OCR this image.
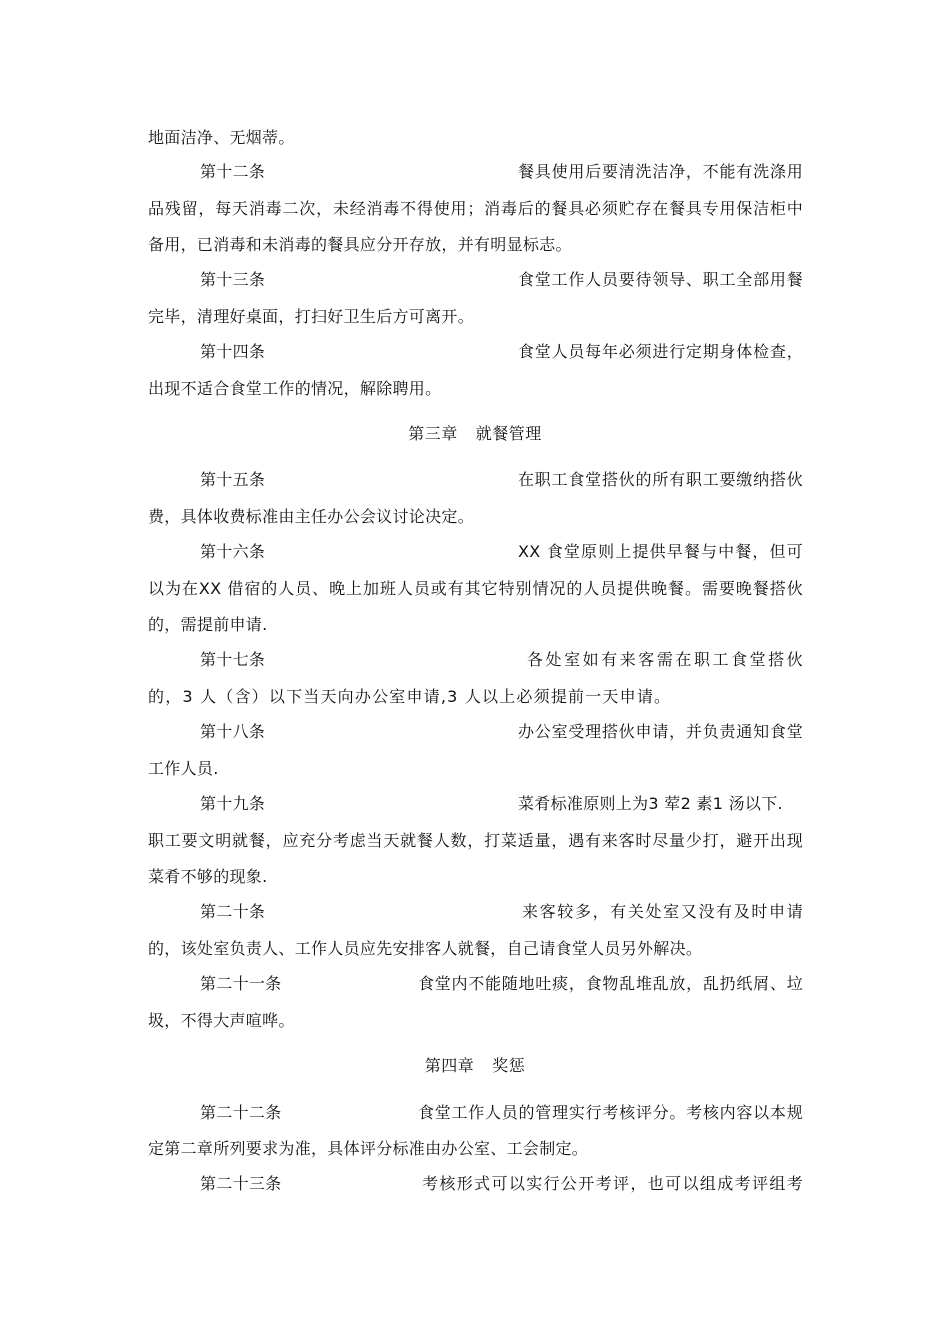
地面洁净、无烟蒂。
第十二条	餐具使用后要清洗洁净，不能有洗涤用
品残留，每天消毒二次，未经消毒不得使用；消毒后的餐具必须贮存在餐具专用保洁柜中
备用，已消毒和未消毒的餐具应分开存放，并有明显标志。
第十三条	食堂工作人员要待领导、职工全部用餐
完毕，清理好桌面，打扫好卫生后方可离开。
第十四条	食堂人员每年必须进行定期身体检查，
出现不适合食堂工作的情况，解除聘用。
第三章 就餐管理
第十五条	在职工食堂搭伙的所有职工要缴纳搭伙
费，具体收费标准由主任办公会议讨论决定。
第十六条	XX 食堂原则上提供早餐与中餐，但可
以为在XX 借宿的人员、晚上加班人员或有其它特别情况的人员提供晚餐。需要晚餐搭伙
的，需提前申请.
第十七条	各处室如有来客需在职工食堂搭伙
的，3 人（含）以下当天向办公室申请,3 人以上必须提前一天申请。
第十八条	办公室受理搭伙申请，并负责通知食堂
工作人员.
第十九条	菜肴标准原则上为3 荤2 素1 汤以下.
职工要文明就餐，应充分考虑当天就餐人数，打菜适量，遇有来客时尽量少打，避开出现
菜肴不够的现象.
第二十条	来客较多，有关处室又没有及时申请
的，该处室负责人、工作人员应先安排客人就餐，自己请食堂人员另外解决。
第二十一条	食堂内不能随地吐痰，食物乱堆乱放，乱扔纸屑、垃
圾，不得大声喧哗。
第四章 奖惩
第二十二条	食堂工作人员的管理实行考核评分。考核内容以本规
定第二章所列要求为准，具体评分标准由办公室、工会制定。
第二十三条	考核形式可以实行公开考评，也可以组成考评组考
